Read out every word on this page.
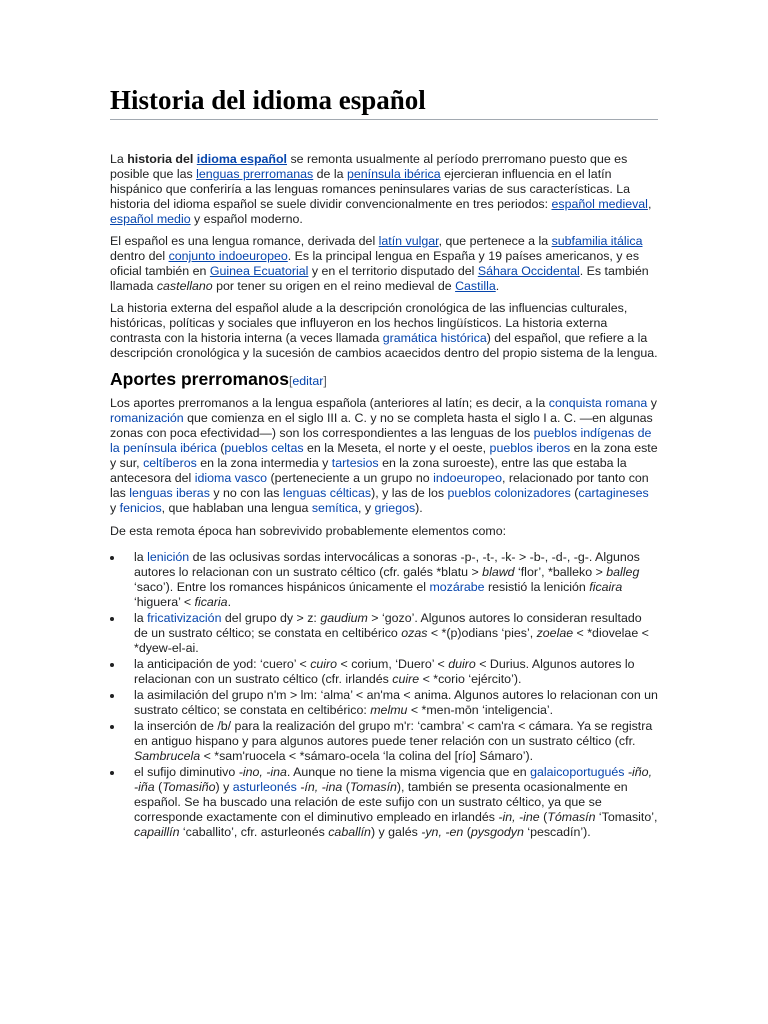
Historia del idioma español

La historia del idioma español se remonta usualmente al período prerromano puesto que es posible que las lenguas prerromanas de la península ibérica ejercieran influencia en el latín hispánico que conferiría a las lenguas romances peninsulares varias de sus características. La historia del idioma español se suele dividir convencionalmente en tres periodos: español medieval, español medio y español moderno.

El español es una lengua romance, derivada del latín vulgar, que pertenece a la subfamilia itálica dentro del conjunto indoeuropeo. Es la principal lengua en España y 19 países americanos, y es oficial también en Guinea Ecuatorial y en el territorio disputado del Sáhara Occidental. Es también llamada castellano por tener su origen en el reino medieval de Castilla.

La historia externa del español alude a la descripción cronológica de las influencias culturales, históricas, políticas y sociales que influyeron en los hechos lingüísticos. La historia externa contrasta con la historia interna (a veces llamada gramática histórica) del español, que refiere a la descripción cronológica y la sucesión de cambios acaecidos dentro del propio sistema de la lengua.

Aportes prerromanos[editar]

Los aportes prerromanos a la lengua española (anteriores al latín; es decir, a la conquista romana y romanización que comienza en el siglo III a. C. y no se completa hasta el siglo I a. C. —en algunas zonas con poca efectividad—) son los correspondientes a las lenguas de los pueblos indígenas de la península ibérica (pueblos celtas en la Meseta, el norte y el oeste, pueblos iberos en la zona este y sur, celtíberos en la zona intermedia y tartesios en la zona suroeste), entre las que estaba la antecesora del idioma vasco (perteneciente a un grupo no indoeuropeo, relacionado por tanto con las lenguas iberas y no con las lenguas célticas), y las de los pueblos colonizadores (cartagineses y fenicios, que hablaban una lengua semítica, y griegos).

De esta remota época han sobrevivido probablemente elementos como:

la lenición de las oclusivas sordas intervocálicas a sonoras -p-, -t-, -k- > -b-, -d-, -g-. Algunos autores lo relacionan con un sustrato céltico (cfr. galés *blatu > blawd ‘flor’, *balleko > balleg ‘saco’). Entre los romances hispánicos únicamente el mozárabe resistió la lenición ficaira ‘higuera’ < ficaria.
la fricativización del grupo dy > z: gaudium > ‘gozo’. Algunos autores lo consideran resultado de un sustrato céltico; se constata en celtibérico ozas < *(p)odians ‘pies’, zoelae < *diovelae < *dyew-el-ai.
la anticipación de yod: ‘cuero’ < cuiro < corium, ‘Duero’ < duiro < Durius. Algunos autores lo relacionan con un sustrato céltico (cfr. irlandés cuire < *corio ‘ejército’).
la asimilación del grupo n'm > lm: ‘alma’ < an'ma < anima. Algunos autores lo relacionan con un sustrato céltico; se constata en celtibérico: melmu < *men-mōn ‘inteligencia’.
la inserción de /b/ para la realización del grupo m'r: ‘cambra’ < cam'ra < cámara. Ya se registra en antiguo hispano y para algunos autores puede tener relación con un sustrato céltico (cfr. Sambrucela < *sam'ruocela < *sámaro-ocela ‘la colina del [río] Sámaro’).
el sufijo diminutivo -ino, -ina. Aunque no tiene la misma vigencia que en galaicoportugués -iño, -iña (Tomasiño) y asturleonés -ín, -ina (Tomasín), también se presenta ocasionalmente en español. Se ha buscado una relación de este sufijo con un sustrato céltico, ya que se corresponde exactamente con el diminutivo empleado en irlandés -in, -ine (Tómasín ‘Tomasito’, capaillín ‘caballito’, cfr. asturleonés caballín) y galés -yn, -en (pysgodyn ‘pescadín’).
